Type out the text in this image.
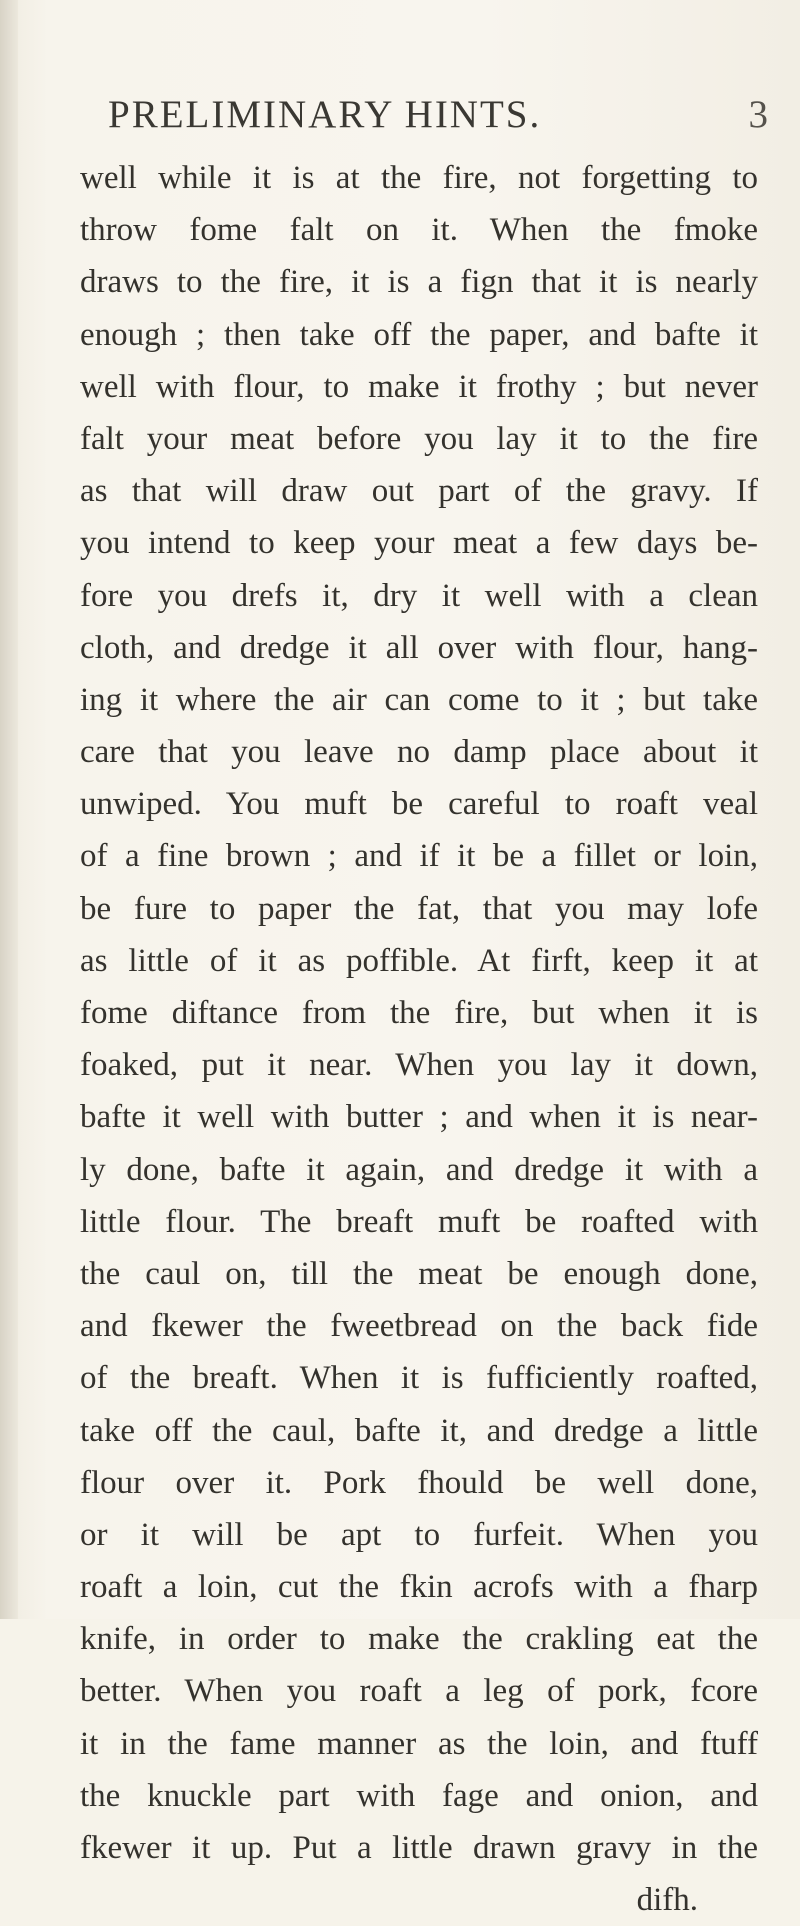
PRELIMINARY HINTS.	3
well while it is at the fire, not forgetting to
throw fome falt on it. When the fmoke
draws to the fire, it is a fign that it is nearly
enough ; then take off the paper, and bafte it
well with flour, to make it frothy ; but never
falt your meat before you lay it to the fire
as that will draw out part of the gravy. If
you intend to keep your meat a few days be-
fore you drefs it, dry it well with a clean
cloth, and dredge it all over with flour, hang-
ing it where the air can come to it ; but take
care that you leave no damp place about it
unwiped. You muft be careful to roaft veal
of a fine brown ; and if it be a fillet or loin,
be fure to paper the fat, that you may lofe
as little of it as poffible. At firft, keep it at
fome diftance from the fire, but when it is
foaked, put it near. When you lay it down,
bafte it well with butter ; and when it is near-
ly done, bafte it again, and dredge it with a
little flour. The breaft muft be roafted with
the caul on, till the meat be enough done,
and fkewer the fweetbread on the back fide
of the breaft. When it is fufficiently roafted,
take off the caul, bafte it, and dredge a little
flour over it. Pork fhould be well done,
or it will be apt to furfeit. When you
roaft a loin, cut the fkin acrofs with a fharp
knife, in order to make the crakling eat the
better. When you roaft a leg of pork, fcore
it in the fame manner as the loin, and ftuff
the knuckle part with fage and onion, and
fkewer it up. Put a little drawn gravy in the
difh.
